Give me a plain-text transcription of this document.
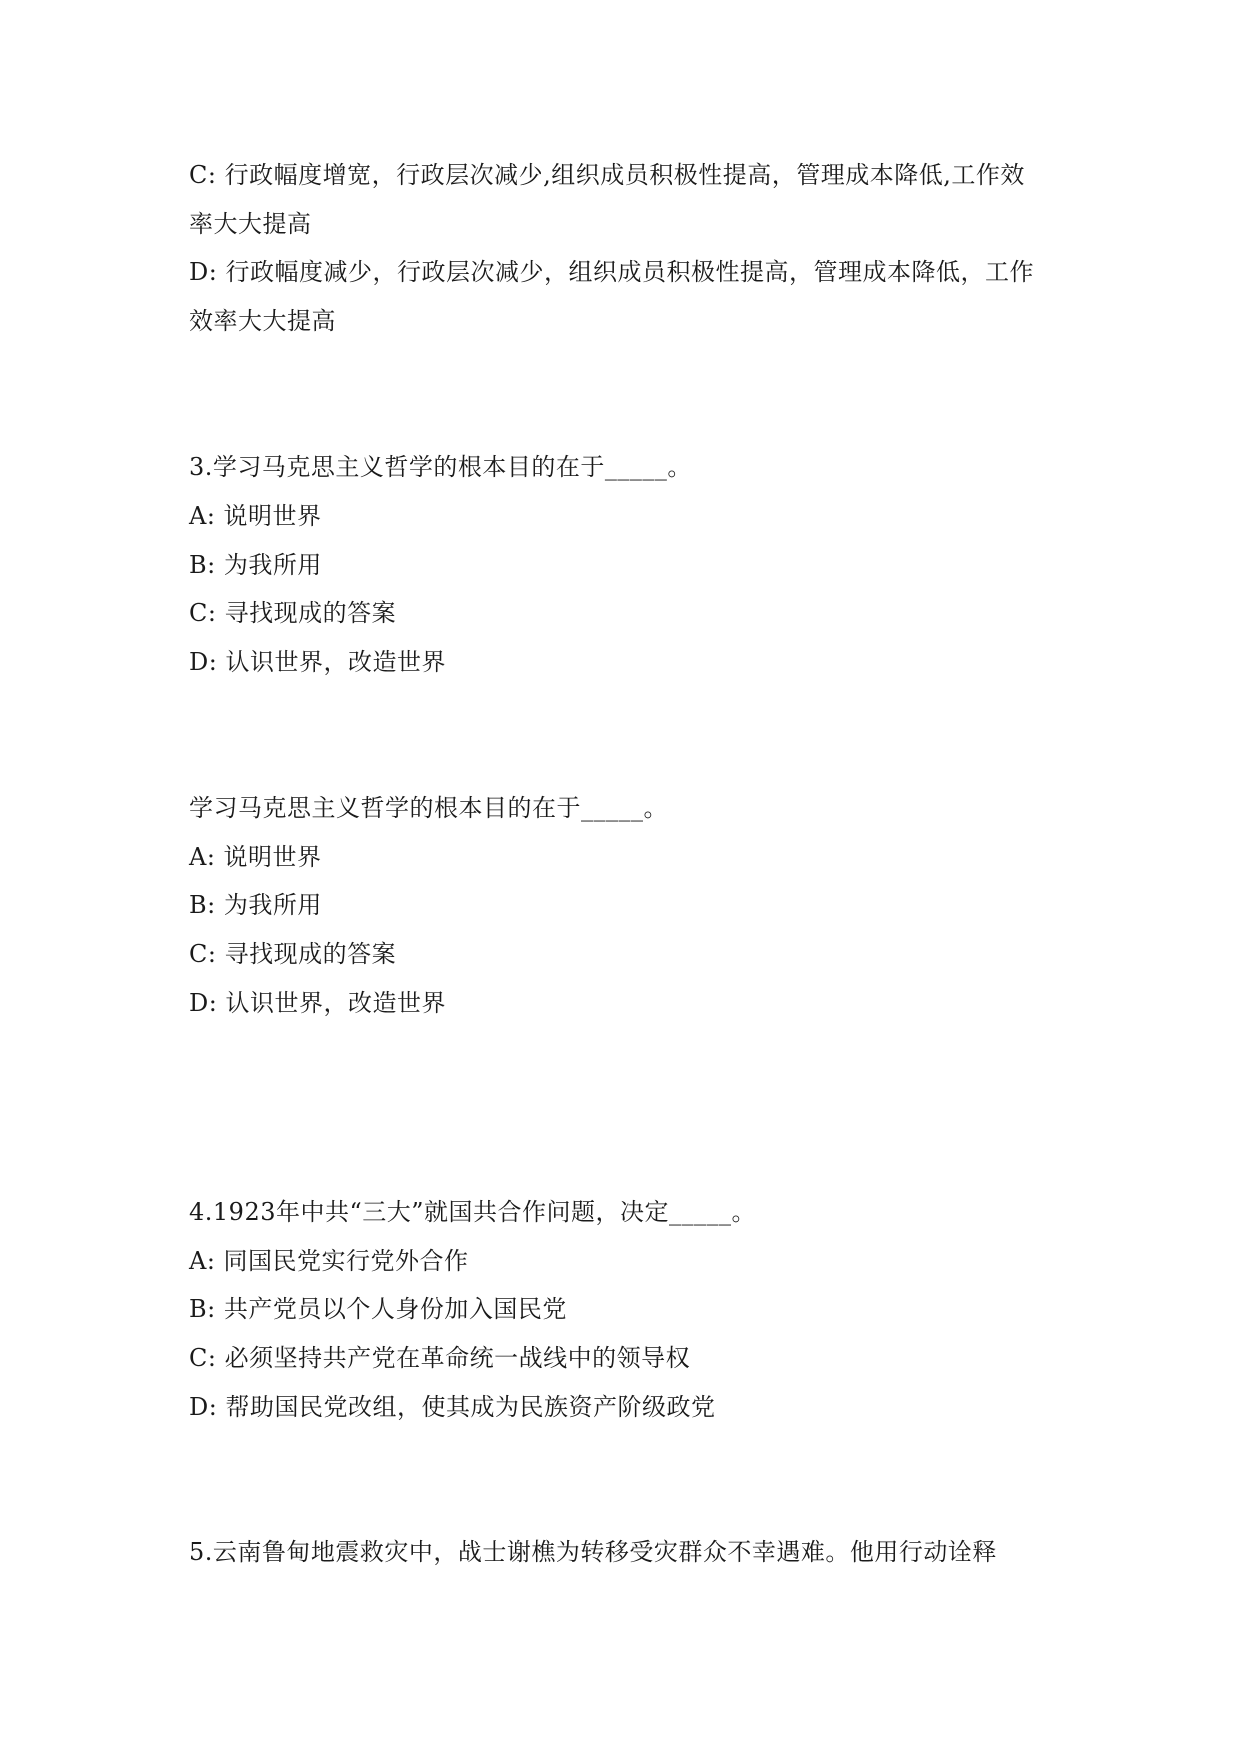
C: 行政幅度增宽，行政层次减少,组织成员积极性提高，管理成本降低,工作效
率大大提高
D: 行政幅度减少，行政层次减少，组织成员积极性提高，管理成本降低，工作
效率大大提高
3.学习马克思主义哲学的根本目的在于_____。
A: 说明世界
B: 为我所用
C: 寻找现成的答案
D: 认识世界，改造世界
学习马克思主义哲学的根本目的在于_____。
A: 说明世界
B: 为我所用
C: 寻找现成的答案
D: 认识世界，改造世界
4.1923年中共“三大”就国共合作问题，决定_____。
A: 同国民党实行党外合作
B: 共产党员以个人身份加入国民党
C: 必须坚持共产党在革命统一战线中的领导权
D: 帮助国民党改组，使其成为民族资产阶级政党
5.云南鲁甸地震救灾中，战士谢樵为转移受灾群众不幸遇难。他用行动诠释
